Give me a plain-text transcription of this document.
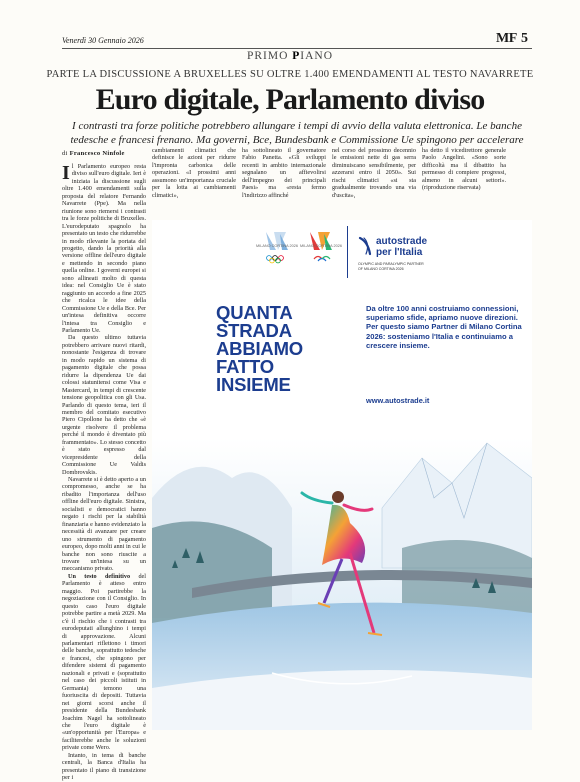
Venerdì 30 Gennaio 2026	MF 5
PRIMO PIANO
PARTE LA DISCUSSIONE A BRUXELLES SU OLTRE 1.400 EMENDAMENTI AL TESTO NAVARRETE
Euro digitale, Parlamento diviso
I contrasti tra forze politiche potrebbero allungare i tempi di avvio della valuta elettronica. Le banche tedesche e francesi frenano. Ma governi, Bce, Bundesbank e Commissione Ue spingono per accelerare
di Francesco Ninfole

Il Parlamento europeo resta diviso sull'euro digitale. Ieri è iniziata la discussione sugli oltre 1.400 emendamenti sulla proposta del relatore Fernando Navarrete (Ppe). Ma nella riunione sono riemersi i contrasti tra le forze politiche di Bruxelles. L'eurodeputato spagnolo ha presentato un testo che ridurrebbe in modo rilevante la portata del progetto, dando la priorità alla versione offline dell'euro digitale e mettendo in secondo piano quella online. I governi europei si sono allineati molto di questa idea: nel Consiglio Ue è stato raggiunto un accordo a fine 2025 che ricalca le idee della Commissione Ue e della Bce. Per un'intesa definitiva occorre l'intesa tra Consiglio e Parlamento Ue.

Da questo ultimo tuttavia potrebbero arrivare nuovi ritardi, nonostante l'esigenza di trovare in modo rapido un sistema di pagamento digitale che possa ridurre la dipendenza Ue dai colossi statunitensi come Visa e Mastercard, in tempi di crescente tensione geopolitica con gli Usa. Parlando di questo tema, ieri il membro del comitato esecutivo Piero Cipollone ha detto che «è urgente risolvere il problema perché il mondo è diventato più frammentato». Lo stesso concetto è stato espresso dal vicepresidente della Commissione Ue Valdis Dombrovskis.

Navarrete si è detto aperto a un compromesso, anche se ha ribadito l'importanza dell'uso offline dell'euro digitale. Sinistra, socialisti e democratici hanno negato i rischi per la stabilità finanziaria e hanno evidenziato la necessità di avanzare per creare uno strumento di pagamento europeo, dopo molti anni in cui le banche non sono riuscite a trovare un'intesa su un meccanismo privato.

Un testo definitivo del Parlamento è atteso entro maggio. Poi partirebbe la negoziazione con il Consiglio. In questo caso l'euro digitale potrebbe partire a metà 2029. Ma c'è il rischio che i contrasti tra eurodeputati allunghino i tempi di approvazione. Alcuni parlamentari riflettono i timori delle banche, soprattutto tedesche e francesi, che spingono per difendere sistemi di pagamento nazionali e privati e (soprattutto nel caso dei piccoli istituti in Germania) temono una fuoriuscita di depositi. Tuttavia nei giorni scorsi anche il presidente della Bundesbank Joachim Nagel ha sottolineato che l'euro digitale è «un'opportunità per l'Europa» e faciliterebbe anche le soluzioni private come Wero.

Intanto, in tema di banche centrali, la Banca d'Italia ha presentato il piano di transizione per i

cambiamenti climatici che definisce le azioni per ridurre l'impronta carbonica delle operazioni. «I prossimi anni assumono un'importanza cruciale per la lotta ai cambiamenti climatici»,

ha sottolineato il governatore Fabio Panetta. «Gli sviluppi recenti in ambito internazionale segnalano un affievolirsi dell'impegno dei principali Paesi» ma «resta fermo l'indirizzo affinché

nel corso del prossimo decennio le emissioni nette di gas serra diminuiscano sensibilmente, per azzerarsi entro il 2050». Sui rischi climatici «si sta gradualmente trovando una via d'uscita»,

ha detto il vicedirettore generale Paolo Angelini. «Sono sorte difficoltà ma il dibattito ha permesso di compiere progressi, almeno in alcuni settori». (riproduzione riservata)

MILANO CORTINA 2026 MILANO CORTINA 2026	autostrade
per l'Italia
OLYMPIC AND PARALYMPIC PARTNER
OF MILANO CORTINA 2026
QUANTA
STRADA
ABBIAMO
FATTO
INSIEME
Da oltre 100 anni costruiamo connessioni, superiamo sfide, apriamo nuove direzioni. Per questo siamo Partner di Milano Cortina 2026: sosteniamo l'Italia e continuiamo a crescere insieme.
www.autostrade.it
